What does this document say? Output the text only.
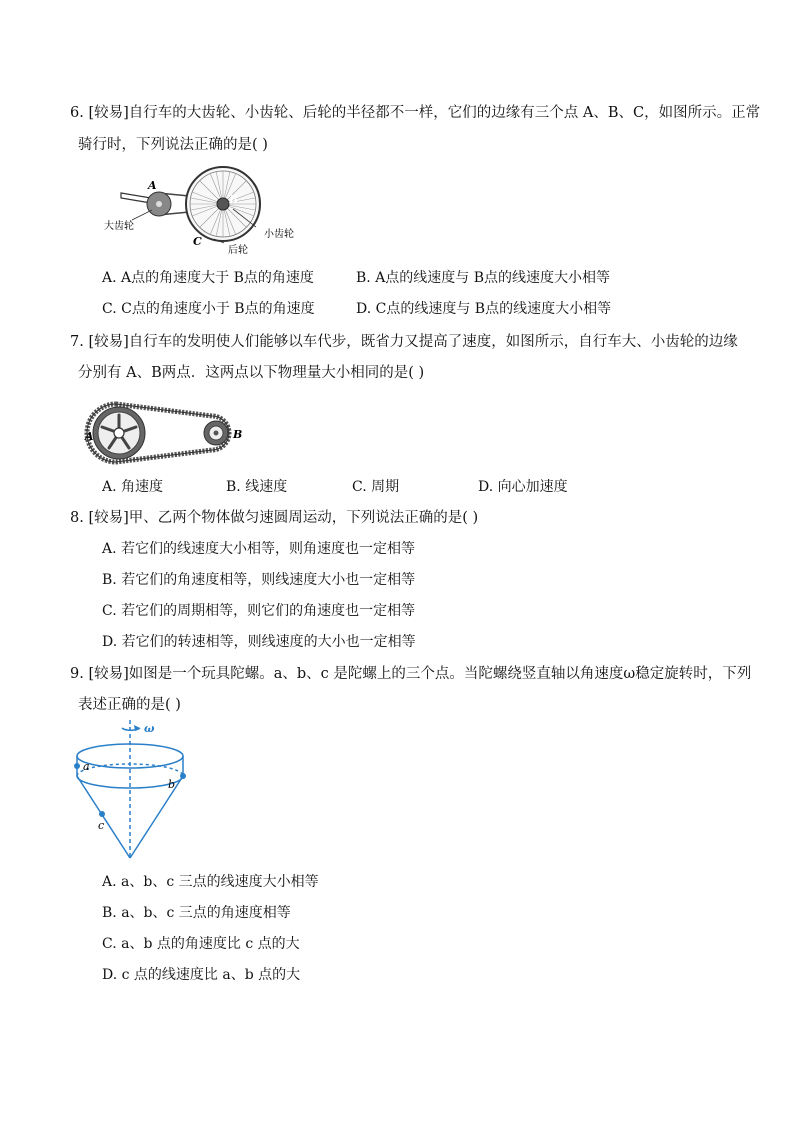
6. [较易]自行车的大齿轮、小齿轮、后轮的半径都不一样，它们的边缘有三个点 A、B、C，如图所示。正常
骑行时，下列说法正确的是( )
A
B
C
大齿轮
小齿轮
后轮
A. A点的角速度大于 B点的角速度	B. A点的线速度与 B点的线速度大小相等
C. C点的角速度小于 B点的角速度	D. C点的线速度与 B点的线速度大小相等
7. [较易]自行车的发明使人们能够以车代步，既省力又提高了速度，如图所示，自行车大、小齿轮的边缘
分别有 A、B两点．这两点以下物理量大小相同的是( )
A	B
A. 角速度	B. 线速度	C. 周期	D. 向心加速度
8. [较易]甲、乙两个物体做匀速圆周运动，下列说法正确的是( )
A. 若它们的线速度大小相等，则角速度也一定相等
B. 若它们的角速度相等，则线速度大小也一定相等
C. 若它们的周期相等，则它们的角速度也一定相等
D. 若它们的转速相等，则线速度的大小也一定相等
9. [较易]如图是一个玩具陀螺。a、b、c 是陀螺上的三个点。当陀螺绕竖直轴以角速度ω稳定旋转时，下列
表述正确的是( )
ω
a
b
c
A. a、b、c 三点的线速度大小相等
B. a、b、c 三点的角速度相等
C. a、b 点的角速度比 c 点的大
D. c 点的线速度比 a、b 点的大
